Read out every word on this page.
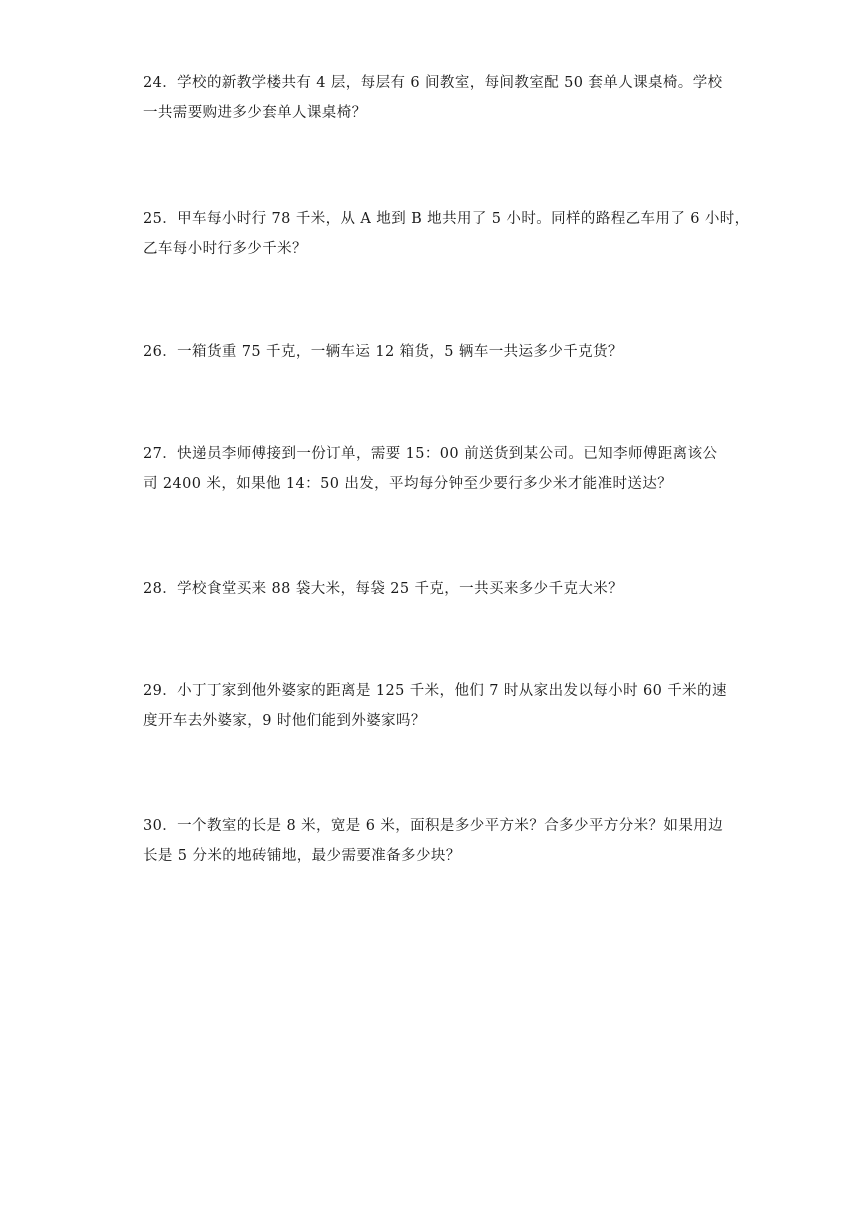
24．学校的新教学楼共有 4 层，每层有 6 间教室，每间教室配 50 套单人课桌椅。学校
一共需要购进多少套单人课桌椅？
25．甲车每小时行 78 千米，从 A 地到 B 地共用了 5 小时。同样的路程乙车用了 6 小时，
乙车每小时行多少千米？
26．一箱货重 75 千克，一辆车运 12 箱货，5 辆车一共运多少千克货？
27．快递员李师傅接到一份订单，需要 15：00 前送货到某公司。已知李师傅距离该公
司 2400 米，如果他 14：50 出发，平均每分钟至少要行多少米才能准时送达？
28．学校食堂买来 88 袋大米，每袋 25 千克，一共买来多少千克大米？
29．小丁丁家到他外婆家的距离是 125 千米，他们 7 时从家出发以每小时 60 千米的速
度开车去外婆家，9 时他们能到外婆家吗？
30．一个教室的长是 8 米，宽是 6 米，面积是多少平方米？合多少平方分米？如果用边
长是 5 分米的地砖铺地，最少需要准备多少块？
